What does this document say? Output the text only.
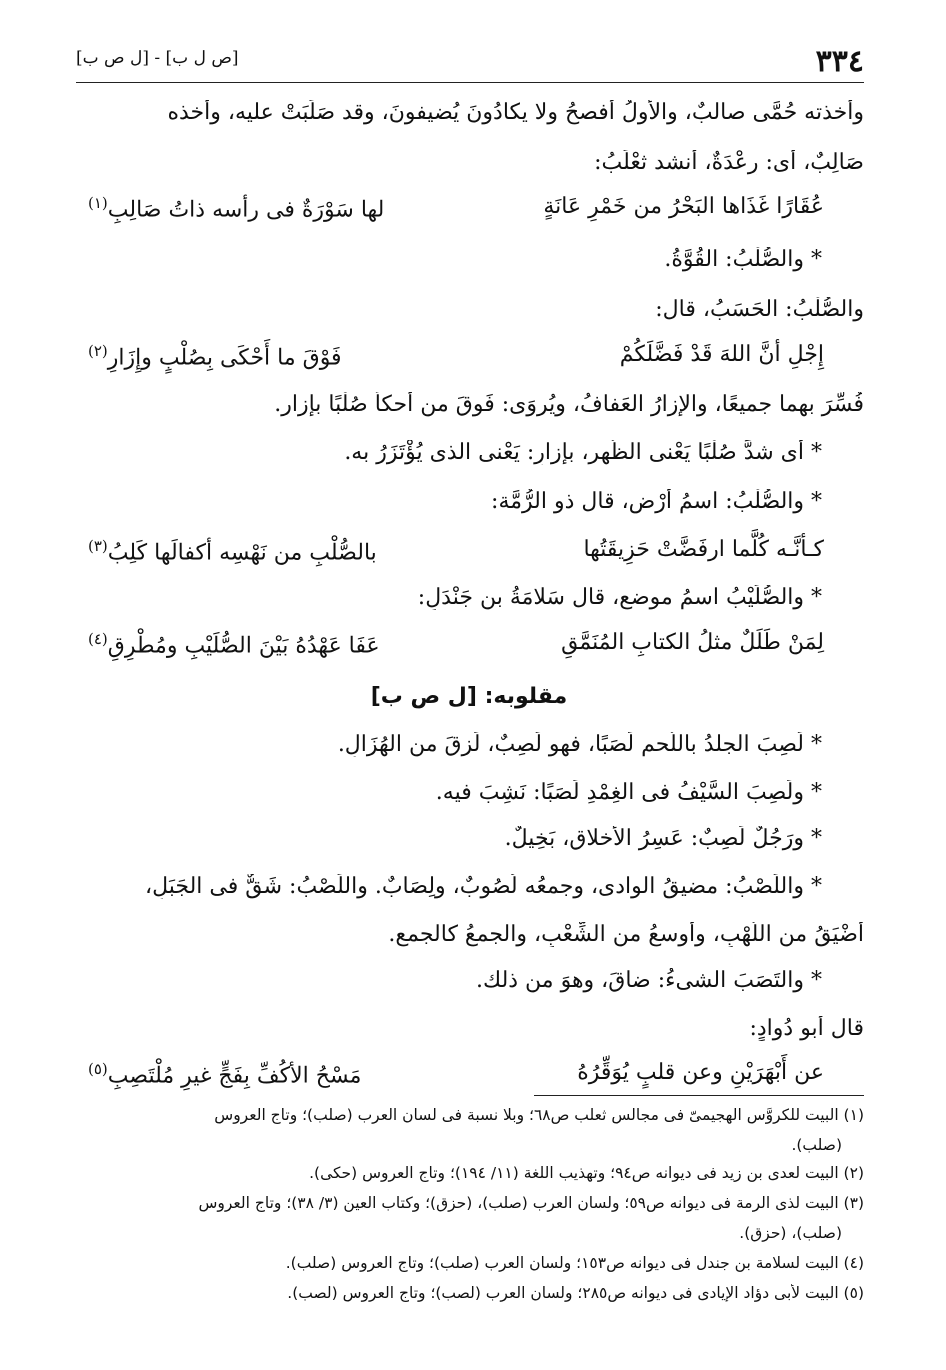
٣٣٤
[ص ل ب] - [ل ص ب]
وأخذته حُمَّى صالبٌ، والأولُ أفصحُ ولا يكادُونَ يُضيفونَ، وقد صَلَبَتْ عليه، وأخذه
صَالِبٌ، أى: رِعْدَةٌ، أنشد ثعْلَبُ:
عُقَارًا غَذَاها البَحْرُ من خَمْرِ عَانَةٍ
لها سَوْرَةٌ فى رأسه ذاتُ صَالِبِ$^{(١)}$
* والصُّلْبُ: القُوَّةُ.
والصُّلْبُ: الحَسَبُ، قال:
إِجْلِ أنَّ اللهَ قَدْ فَضَّلَكُمْ
فَوْقَ ما أَحْكَى بِصُلْبٍ وإِزَارِ$^{(٢)}$
فُسِّرَ بهما جميعًا، والإزارُ العَفافُ، ويُروَى: فَوقَ من أحكأ صُلْبًا بإزارِ.
* أى شدَّ صُلْبًا يَعْنى الظَّهر، بإزارٍ: يَعْنى الذى يُؤْتَزَرُ به.
* والصُّلْبُ: اسمُ أرْضٍ، قال ذو الرُّمَّة:
كـأنَّـه كُلَّما ارفَضَّتْ حَزِيقَتُها
بالصُّلْبِ من نَهْسِه أكفالَها كَلِبُ$^{(٣)}$
* والصُّلَيْبُ اسمُ موضعٍ، قال سَلامَةُ بن جَنْدَلٍ:
لِمَنْ طَلَلٌ مثلُ الكتابِ المُنَمَّقِ
عَفَا عَهْدُهُ بَيْنَ الصُّلَيْبِ ومُطْرِقِ$^{(٤)}$
مقلوبه: [ل ص ب]
* لَصِبَ الجلدُ باللَّحم لَصَبًا، فهو لَصِبٌ، لَزِقَ من الهُزَالِ.
* ولَصِبَ السَّيْفُ فى الغِمْدِ لَصَبًا: نَشِبَ فيه.
* ورَجُلٌ لَصِبٌ: عَسِرُ الأخلاقِ، بَخِيلٌ.
* واللِّصْبُ: مضيقُ الوادى، وجمعُه لُصُوبٌ، ولِصَابٌ. واللِّصْبُ: شَقٌّ فى الجَبَلِ،
أَضْيَقُ من اللَّهْبِ، وأوسعُ من الشِّعْبِ، والجمعُ كالجمعِ.
* والتَصَبَ الشىءُ: ضاقَ، وهوَ من ذلك.
قال أبو دُوادٍ:
عن أَبْهَرَيْنِ وعن قلبٍ يُوَقِّرُهُ
مَسْحُ الأكُفِّ بِفَجٍّ غيرِ مُلْتَصِبِ$^{(٥)}$
(١) البيت للكروَّس الهجيمىّ فى مجالس ثعلب ص٦٨؛ وبلا نسبة فى لسان العرب (صلب)؛ وتاج العروس
(صلب).
(٢) البيت لعدى بن زيد فى ديوانه ص٩٤؛ وتهذيب اللغة (١١/ ١٩٤)؛ وتاج العروس (حكى).
(٣) البيت لذى الرمة فى ديوانه ص٥٩؛ ولسان العرب (صلب)، (حزق)؛ وكتاب العين (٣/ ٣٨)؛ وتاج العروس
(صلب)، (حزق).
(٤) البيت لسلامة بن جندل فى ديوانه ص١٥٣؛ ولسان العرب (صلب)؛ وتاج العروس (صلب).
(٥) البيت لأبى دؤاد الإيادى فى ديوانه ص٢٨٥؛ ولسان العرب (لصب)؛ وتاج العروس (لصب).
